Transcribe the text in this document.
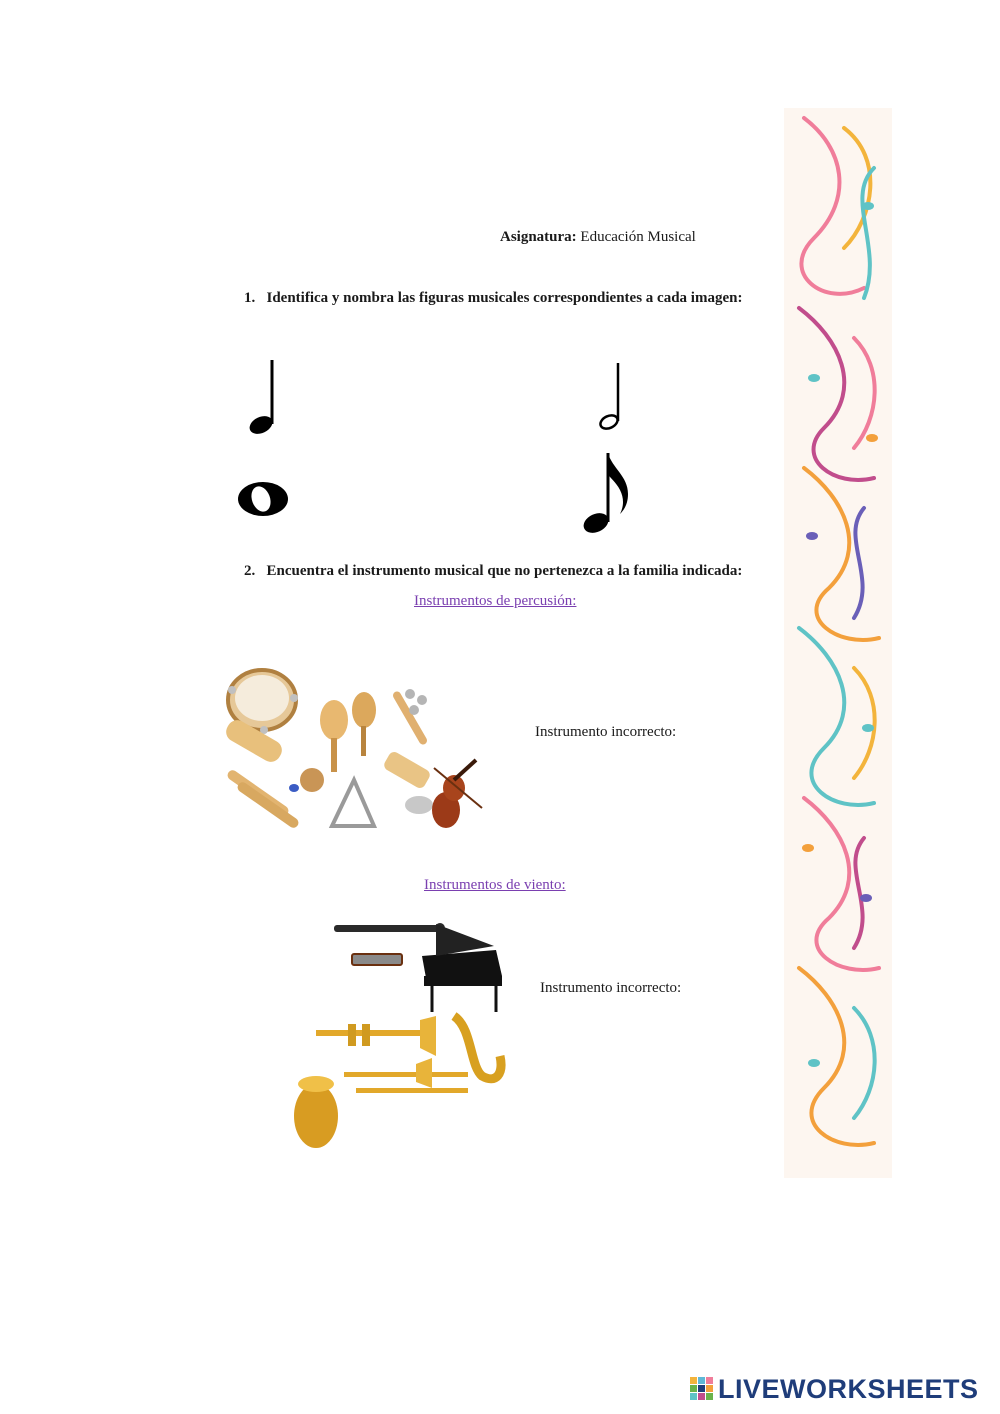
Asignatura: Educación Musical
1. Identifica y nombra las figuras musicales correspondientes a cada imagen:
2. Encuentra el instrumento musical que no pertenezca a la familia indicada:
Instrumentos de percusión:
Instrumento incorrecto:
Instrumentos de viento:
Instrumento incorrecto:
LIVEWORKSHEETS
